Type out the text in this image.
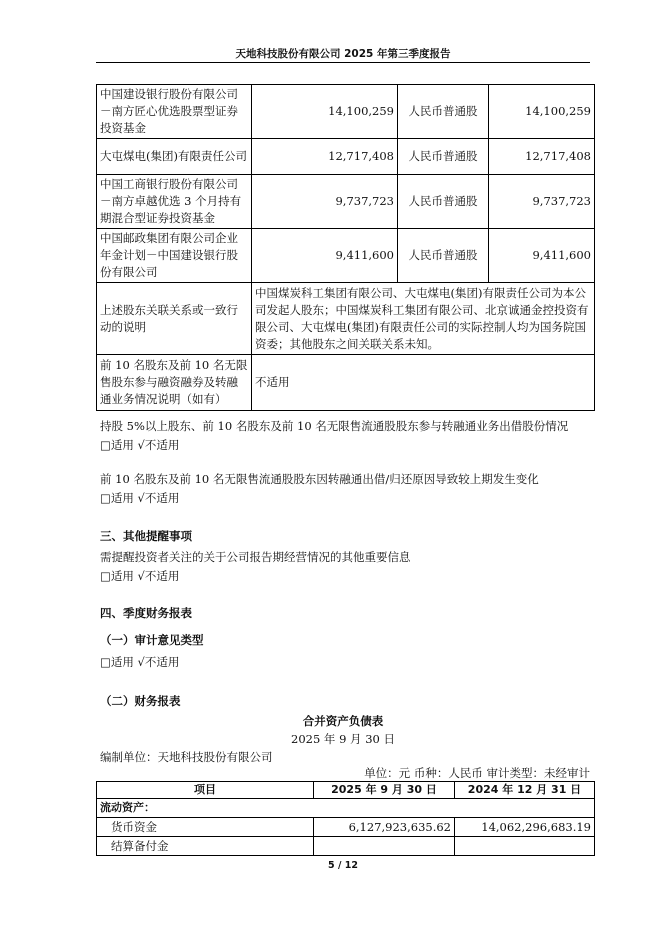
天地科技股份有限公司 2025 年第三季度报告
中国建设银行股份有限公司－南方匠心优选股票型证券投资基金	14,100,259	人民币普通股	14,100,259
大屯煤电(集团)有限责任公司	12,717,408	人民币普通股	12,717,408
中国工商银行股份有限公司－南方卓越优选 3 个月持有期混合型证券投资基金	9,737,723	人民币普通股	9,737,723
中国邮政集团有限公司企业年金计划－中国建设银行股份有限公司	9,411,600	人民币普通股	9,411,600
上述股东关联关系或一致行动的说明	中国煤炭科工集团有限公司、大屯煤电(集团)有限责任公司为本公司发起人股东；中国煤炭科工集团有限公司、北京诚通金控投资有限公司、大屯煤电(集团)有限责任公司的实际控制人均为国务院国资委；其他股东之间关联关系未知。		
前 10 名股东及前 10 名无限售股东参与融资融券及转融通业务情况说明（如有）	不适用		
持股 5%以上股东、前 10 名股东及前 10 名无限售流通股股东参与转融通业务出借股份情况
□适用 √不适用
前 10 名股东及前 10 名无限售流通股股东因转融通出借/归还原因导致较上期发生变化
□适用 √不适用
三、其他提醒事项
需提醒投资者关注的关于公司报告期经营情况的其他重要信息
□适用 √不适用
四、季度财务报表
（一）审计意见类型
□适用 √不适用
（二）财务报表
合并资产负债表
2025 年 9 月 30 日
编制单位：天地科技股份有限公司
单位：元 币种：人民币 审计类型：未经审计
项目	2025 年 9 月 30 日	2024 年 12 月 31 日
流动资产：		
货币资金	6,127,923,635.62	14,062,296,683.19
结算备付金		
5 / 12
